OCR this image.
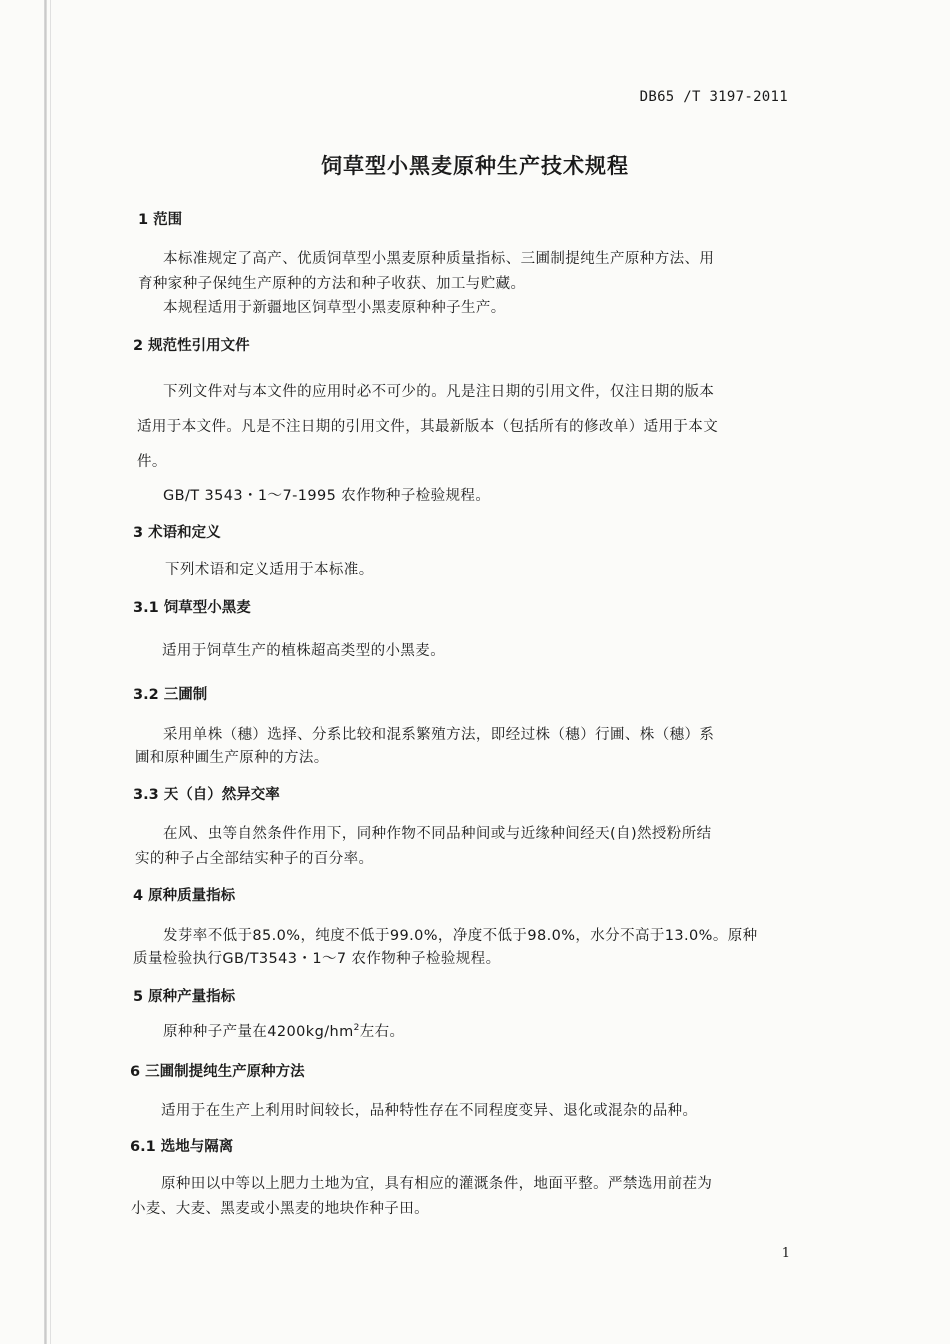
DB65 /T 3197-2011
饲草型小黑麦原种生产技术规程
1 范围
本标准规定了高产、优质饲草型小黑麦原种质量指标、三圃制提纯生产原种方法、用
育种家种子保纯生产原种的方法和种子收获、加工与贮藏。
本规程适用于新疆地区饲草型小黑麦原种种子生产。
2 规范性引用文件
下列文件对与本文件的应用时必不可少的。凡是注日期的引用文件，仅注日期的版本
适用于本文件。凡是不注日期的引用文件，其最新版本（包括所有的修改单）适用于本文
件。
GB/T 3543・1～7-1995 农作物种子检验规程。
3 术语和定义
下列术语和定义适用于本标准。
3.1 饲草型小黑麦
适用于饲草生产的植株超高类型的小黑麦。
3.2 三圃制
采用单株（穗）选择、分系比较和混系繁殖方法，即经过株（穗）行圃、株（穗）系
圃和原种圃生产原种的方法。
3.3 天（自）然异交率
在风、虫等自然条件作用下，同种作物不同品种间或与近缘种间经天(自)然授粉所结
实的种子占全部结实种子的百分率。
4 原种质量指标
发芽率不低于85.0%，纯度不低于99.0%，净度不低于98.0%，水分不高于13.0%。原种
质量检验执行GB/T3543・1～7 农作物种子检验规程。
5 原种产量指标
原种种子产量在$4200kg/hm^2$左右。
6 三圃制提纯生产原种方法
适用于在生产上利用时间较长，品种特性存在不同程度变异、退化或混杂的品种。
6.1 选地与隔离
原种田以中等以上肥力土地为宜，具有相应的灌溉条件，地面平整。严禁选用前茬为
小麦、大麦、黑麦或小黑麦的地块作种子田。
1
